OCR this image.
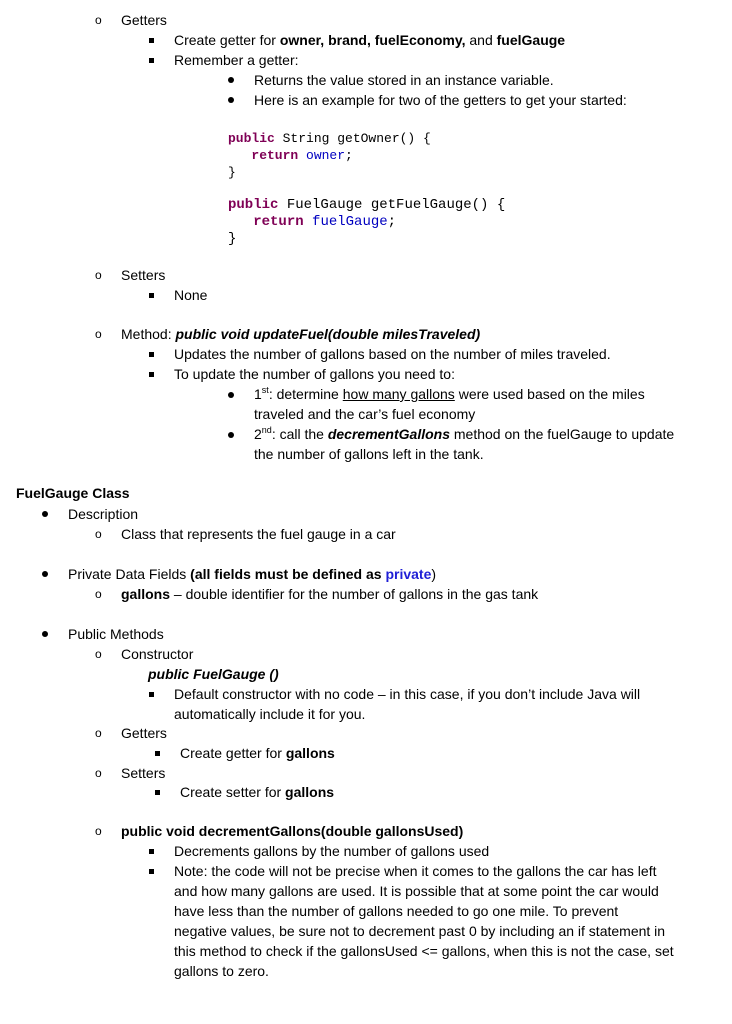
o Getters
Create getter for owner, brand, fuelEconomy, and fuelGauge
Remember a getter:
Returns the value stored in an instance variable.
Here is an example for two of the getters to get your started:
public String getOwner() {
return owner;
}
public FuelGauge getFuelGauge() {
return fuelGauge;
}
o Setters
None
o Method: public void updateFuel(double milesTraveled)
Updates the number of gallons based on the number of miles traveled.
To update the number of gallons you need to:
1st: determine how many gallons were used based on the miles
traveled and the car’s fuel economy
2nd: call the decrementGallons method on the fuelGauge to update
the number of gallons left in the tank.
FuelGauge Class
Description
o Class that represents the fuel gauge in a car
Private Data Fields (all fields must be defined as private)
o gallons – double identifier for the number of gallons in the gas tank
Public Methods
o Constructor
public FuelGauge ()
Default constructor with no code – in this case, if you don’t include Java will
automatically include it for you.
o Getters
Create getter for gallons
o Setters
Create setter for gallons
o public void decrementGallons(double gallonsUsed)
Decrements gallons by the number of gallons used
Note: the code will not be precise when it comes to the gallons the car has left
and how many gallons are used. It is possible that at some point the car would
have less than the number of gallons needed to go one mile. To prevent
negative values, be sure not to decrement past 0 by including an if statement in
this method to check if the gallonsUsed <= gallons, when this is not the case, set
gallons to zero.
